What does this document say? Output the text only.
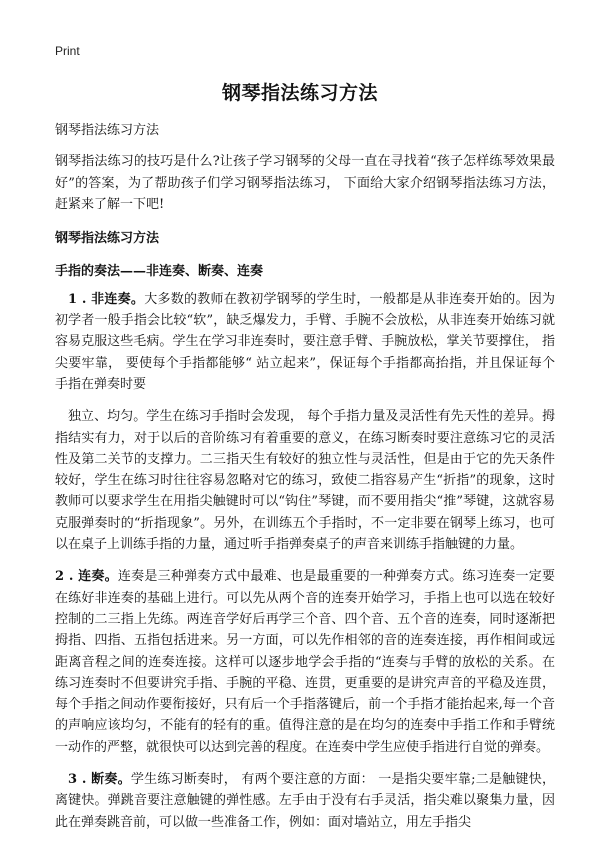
Print
钢琴指法练习方法

钢琴指法练习方法

钢琴指法练习的技巧是什么?让孩子学习钢琴的父母一直在寻找着“孩子怎样练琴效果最好”的答案，为了帮助孩子们学习钢琴指法练习， 下面给大家介绍钢琴指法练习方法，赶紧来了解一下吧!

钢琴指法练习方法

手指的奏法——非连奏、断奏、连奏

1 . 非连奏。大多数的教师在教初学钢琴的学生时，一般都是从非连奏开始的。因为初学者一般手指会比较“软”，缺乏爆发力，手臂、手腕不会放松，从非连奏开始练习就容易克服这些毛病。学生在学习非连奏时，要注意手臂、手腕放松，掌关节要撑住， 指尖要牢靠， 要使每个手指都能够“ 站立起来”，保证每个手指都高抬指，并且保证每个手指在弹奏时要

独立、均匀。学生在练习手指时会发现， 每个手指力量及灵活性有先天性的差异。拇指结实有力，对于以后的音阶练习有着重要的意义，在练习断奏时要注意练习它的灵活性及第二关节的支撑力。二三指天生有较好的独立性与灵活性，但是由于它的先天条件较好，学生在练习时往往容易忽略对它的练习，致使二指容易产生“折指”的现象，这时教师可以要求学生在用指尖触键时可以“钩住”琴键，而不要用指尖“推”琴键，这就容易克服弹奏时的“折指现象”。另外，在训练五个手指时，不一定非要在钢琴上练习，也可以在桌子上训练手指的力量，通过听手指弹奏桌子的声音来训练手指触键的力量。

2 . 连奏。连奏是三种弹奏方式中最难、也是最重要的一种弹奏方式。练习连奏一定要在练好非连奏的基础上进行。可以先从两个音的连奏开始学习，手指上也可以选在较好控制的二三指上先练。两连音学好后再学三个音、四个音、五个音的连奏，同时逐渐把拇指、四指、五指包括进来。另一方面，可以先作相邻的音的连奏连接，再作相间或远距离音程之间的连奏连接。这样可以逐步地学会手指的“连奏与手臂的放松的关系。在练习连奏时不但要讲究手指、手腕的平稳、连贯，更重要的是讲究声音的平稳及连贯，每个手指之间动作要衔接好，只有后一个手指落键后，前一个手指才能抬起来,每一个音的声响应该均匀，不能有的轻有的重。值得注意的是在均匀的连奏中手指工作和手臂统一动作的严整，就很快可以达到完善的程度。在连奏中学生应使手指进行自觉的弹奏。

3 . 断奏。学生练习断奏时， 有两个要注意的方面： 一是指尖要牢靠;二是触键快，离键快。弹跳音要注意触键的弹性感。左手由于没有右手灵活，指尖难以聚集力量，因此在弹奏跳音前，可以做一些准备工作，例如：面对墙站立，用左手指尖
